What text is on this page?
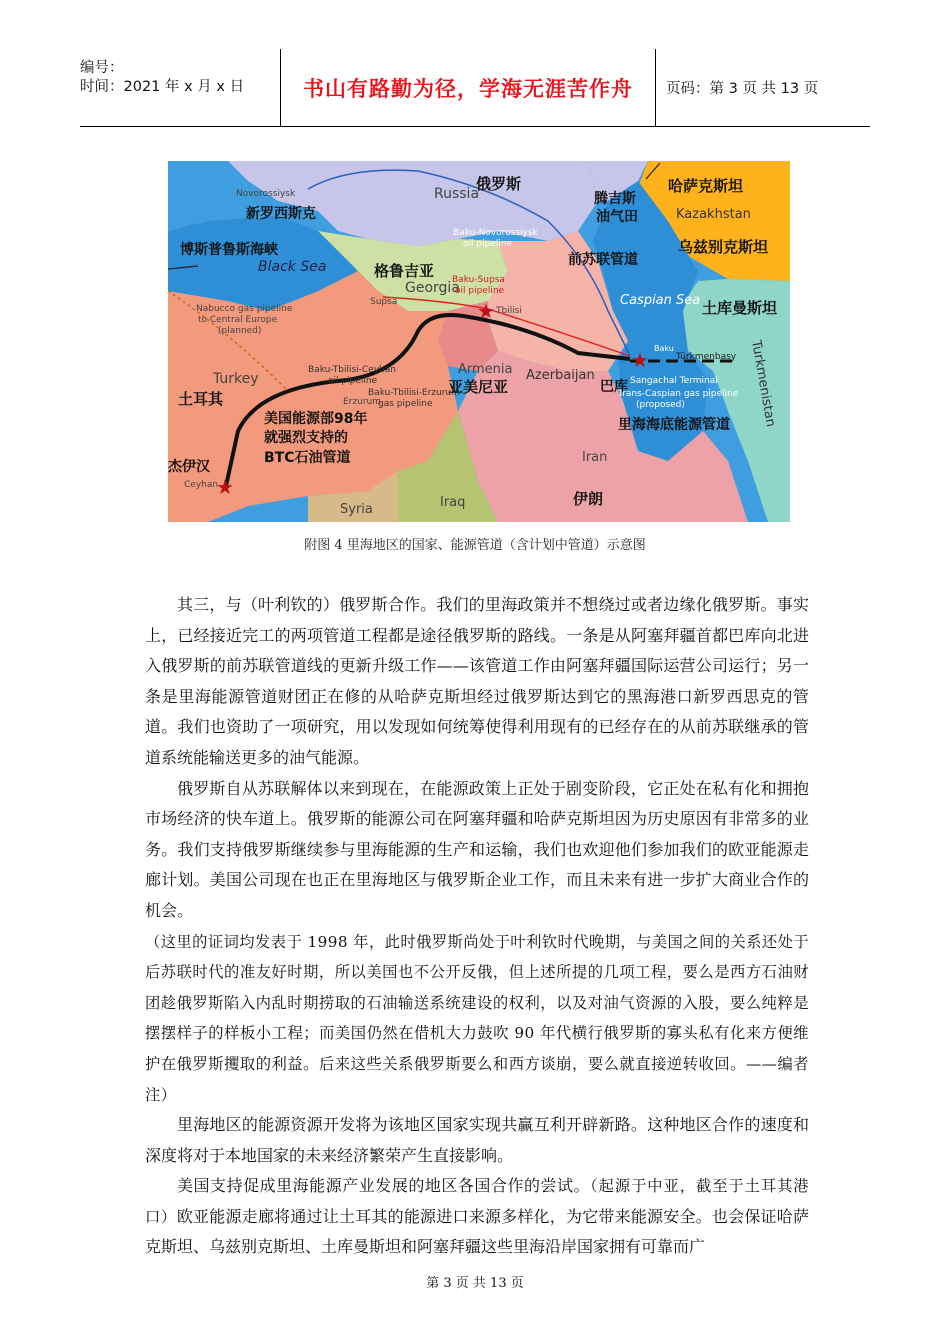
编号：
时间：2021 年 x 月 x 日	书山有路勤为径，学海无涯苦作舟 页码：第 3 页 共 13 页
★
★
★
Russia
Novorossiysk
Black Sea
Baku-Novorossiysk
oil pipeline
Georgia
Baku-Supsa
oil pipeline
Supsa
Tbilisi
Kazakhstan
Caspian Sea
Nabucco gas pipeline
to Central Europe
(planned)
Baku-Tbilisi-Ceyhan
oil pipeline
Baku-Tbilisi-Erzurum
gas pipeline
Erzurum
Turkey
Armenia Azerbaijan
Baku
Türkmenbasy
Sangachal Terminal
Trans-Caspian gas pipeline
(proposed)	Turkmenistan
Iran
Ceyhan
Syria	Iraq
俄罗斯
新罗西斯克
博斯普鲁斯海峡
格鲁吉亚
腾吉斯
油气田
哈萨克斯坦
乌兹别克斯坦
前苏联管道
土库曼斯坦
土耳其
亚美尼亚	巴库
里海海底能源管道
杰伊汉
伊朗
美国能源部98年
就强烈支持的
BTC石油管道
附图 4 里海地区的国家、能源管道（含计划中管道）示意图

其三，与（叶利钦的）俄罗斯合作。我们的里海政策并不想绕过或者边缘化俄罗斯。事实上，已经接近完工的两项管道工程都是途径俄罗斯的路线。一条是从阿塞拜疆首都巴库向北进入俄罗斯的前苏联管道线的更新升级工作——该管道工作由阿塞拜疆国际运营公司运行；另一条是里海能源管道财团正在修的从哈萨克斯坦经过俄罗斯达到它的黑海港口新罗西思克的管道。我们也资助了一项研究，用以发现如何统筹使得利用现有的已经存在的从前苏联继承的管道系统能输送更多的油气能源。

俄罗斯自从苏联解体以来到现在，在能源政策上正处于剧变阶段，它正处在私有化和拥抱市场经济的快车道上。俄罗斯的能源公司在阿塞拜疆和哈萨克斯坦因为历史原因有非常多的业务。我们支持俄罗斯继续参与里海能源的生产和运输，我们也欢迎他们参加我们的欧亚能源走廊计划。美国公司现在也正在里海地区与俄罗斯企业工作，而且未来有进一步扩大商业合作的机会。

（这里的证词均发表于 1998 年，此时俄罗斯尚处于叶利钦时代晚期，与美国之间的关系还处于后苏联时代的准友好时期，所以美国也不公开反俄，但上述所提的几项工程，要么是西方石油财团趁俄罗斯陷入内乱时期捞取的石油输送系统建设的权利，以及对油气资源的入股，要么纯粹是摆摆样子的样板小工程；而美国仍然在借机大力鼓吹 90 年代横行俄罗斯的寡头私有化来方便维护在俄罗斯攫取的利益。后来这些关系俄罗斯要么和西方谈崩，要么就直接逆转收回。——编者注）

里海地区的能源资源开发将为该地区国家实现共赢互利开辟新路。这种地区合作的速度和深度将对于本地国家的未来经济繁荣产生直接影响。

美国支持促成里海能源产业发展的地区各国合作的尝试。（起源于中亚，截至于土耳其港口）欧亚能源走廊将通过让土耳其的能源进口来源多样化，为它带来能源安全。也会保证哈萨克斯坦、乌兹别克斯坦、土库曼斯坦和阿塞拜疆这些里海沿岸国家拥有可靠而广

第 3 页 共 13 页
